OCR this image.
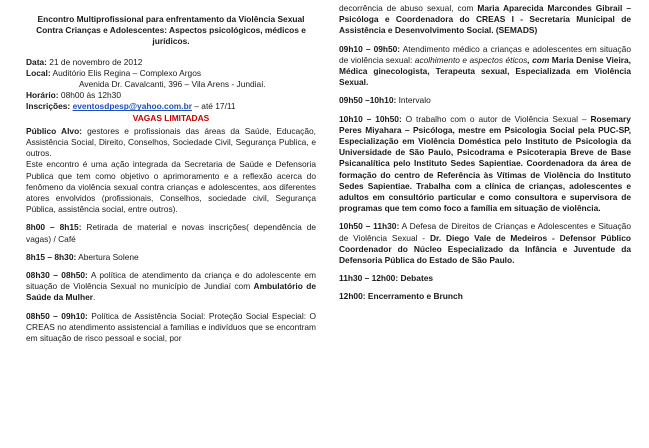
Encontro Multiprofissional para enfrentamento da Violência Sexual
Contra Crianças e Adolescentes: Aspectos psicológicos, médicos e
jurídicos.

Data: 21 de novembro de 2012

Local: Auditório Elis Regina – Complexo Argos

Avenida Dr. Cavalcanti, 396 – Vila Arens - Jundiaí.

Horário: 08h00 às 12h30

Inscrições: eventosdpesp@yahoo.com.br – até 17/11

VAGAS LIMITADAS

Público Alvo: gestores e profissionais das áreas da Saúde, Educação, Assistência Social, Direito, Conselhos, Sociedade Civil, Segurança Publica, e outros.

Este encontro é uma ação integrada da Secretaria de Saúde e Defensoria Publica que tem como objetivo o aprimoramento e a reflexão acerca do fenômeno da violência sexual contra crianças e adolescentes, aos diferentes atores envolvidos (profissionais, Conselhos, sociedade civil, Segurança Pública, assistência social, entre outros).

8h00 – 8h15: Retirada de material e novas inscrições( dependência de vagas) / Café

8h15 – 8h30: Abertura Solene

08h30 – 08h50: A política de atendimento da criança e do adolescente em situação de Violência Sexual no município de Jundiaí com Ambulatório de Saúde da Mulher.

08h50 – 09h10: Política de Assistência Social: Proteção Social Especial: O CREAS no atendimento assistencial a famílias e indivíduos que se encontram em situação de risco pessoal e social, por

decorrência de abuso sexual, com Maria Aparecida Marcondes Gibrail – Psicóloga e Coordenadora do CREAS I - Secretaria Municipal de Assistência e Desenvolvimento Social. (SEMADS)

09h10 – 09h50: Atendimento médico a crianças e adolescentes em situação de violência sexual: acolhimento e aspectos éticos, com Maria Denise Vieira, Médica ginecologista, Terapeuta sexual, Especializada em Violência Sexual.

09h50 –10h10: Intervalo

10h10 – 10h50: O trabalho com o autor de Violência Sexual – Rosemary Peres Miyahara – Psicóloga, mestre em Psicologia Social pela PUC-SP, Especialização em Violência Doméstica pelo Instituto de Psicologia da Universidade de São Paulo, Psicodrama e Psicoterapia Breve de Base Psicanalítica pelo Instituto Sedes Sapientiae. Coordenadora da área de formação do centro de Referência às Vítimas de Violência do Instituto Sedes Sapientiae. Trabalha com a clínica de crianças, adolescentes e adultos em consultório particular e como consultora e supervisora de programas que tem como foco a família em situação de violência.

10h50 – 11h30: A Defesa de Direitos de Crianças e Adolescentes e Situação de Violência Sexual - Dr. Diego Vale de Medeiros - Defensor Público Coordenador do Núcleo Especializado da Infância e Juventude da Defensoria Pública do Estado de São Paulo.

11h30 – 12h00: Debates

12h00: Encerramento e Brunch
